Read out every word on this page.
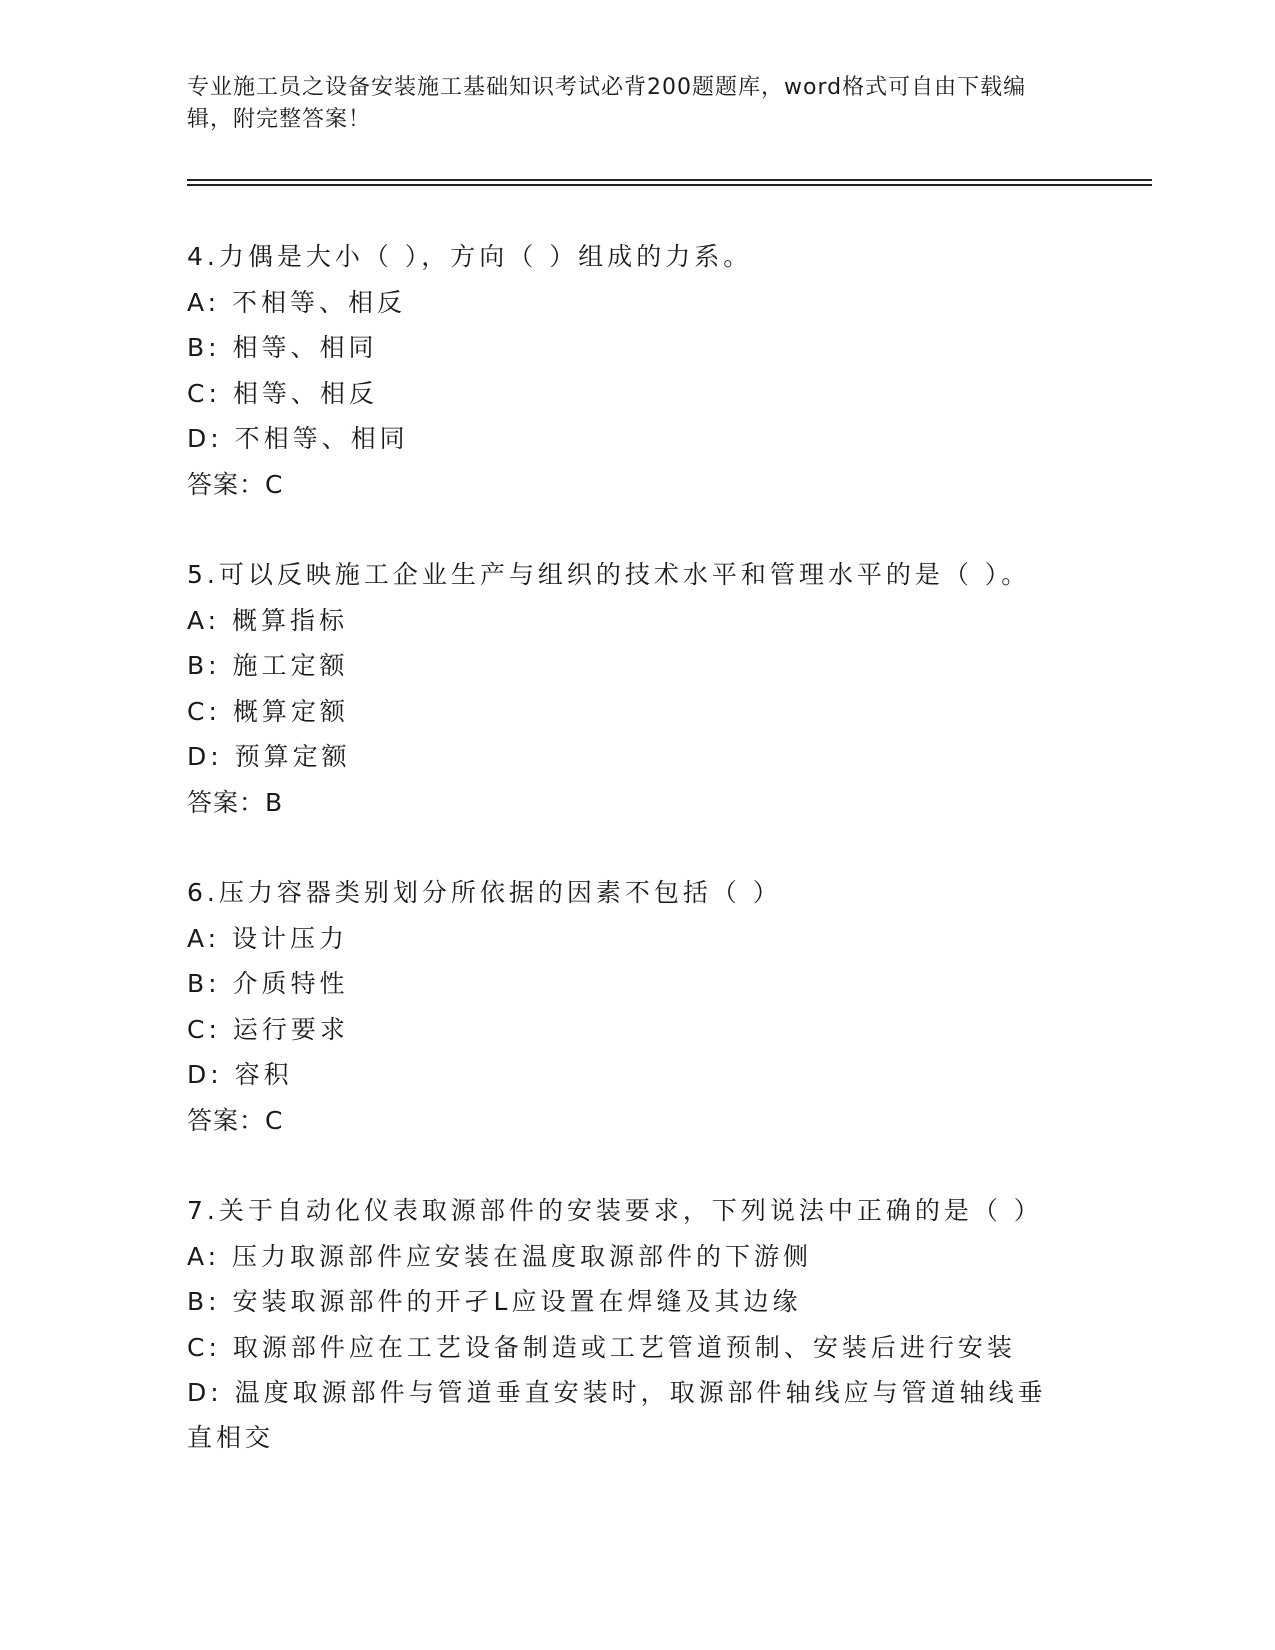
专业施工员之设备安装施工基础知识考试必背200题题库，word格式可自由下载编辑，附完整答案！
4.力偶是大小（ ），方向（ ）组成的力系。
A: 不相等、相反
B: 相等、相同
C: 相等、相反
D: 不相等、相同
答案：C
5.可以反映施工企业生产与组织的技术水平和管理水平的是（ ）。
A: 概算指标
B: 施工定额
C: 概算定额
D: 预算定额
答案：B
6.压力容器类别划分所依据的因素不包括（ ）
A: 设计压力
B: 介质特性
C: 运行要求
D: 容积
答案：C
7.关于自动化仪表取源部件的安装要求，下列说法中正确的是（ ）
A: 压力取源部件应安装在温度取源部件的下游侧
B: 安装取源部件的开孑L应设置在焊缝及其边缘
C: 取源部件应在工艺设备制造或工艺管道预制、安装后进行安装
D: 温度取源部件与管道垂直安装时，取源部件轴线应与管道轴线垂直相交
